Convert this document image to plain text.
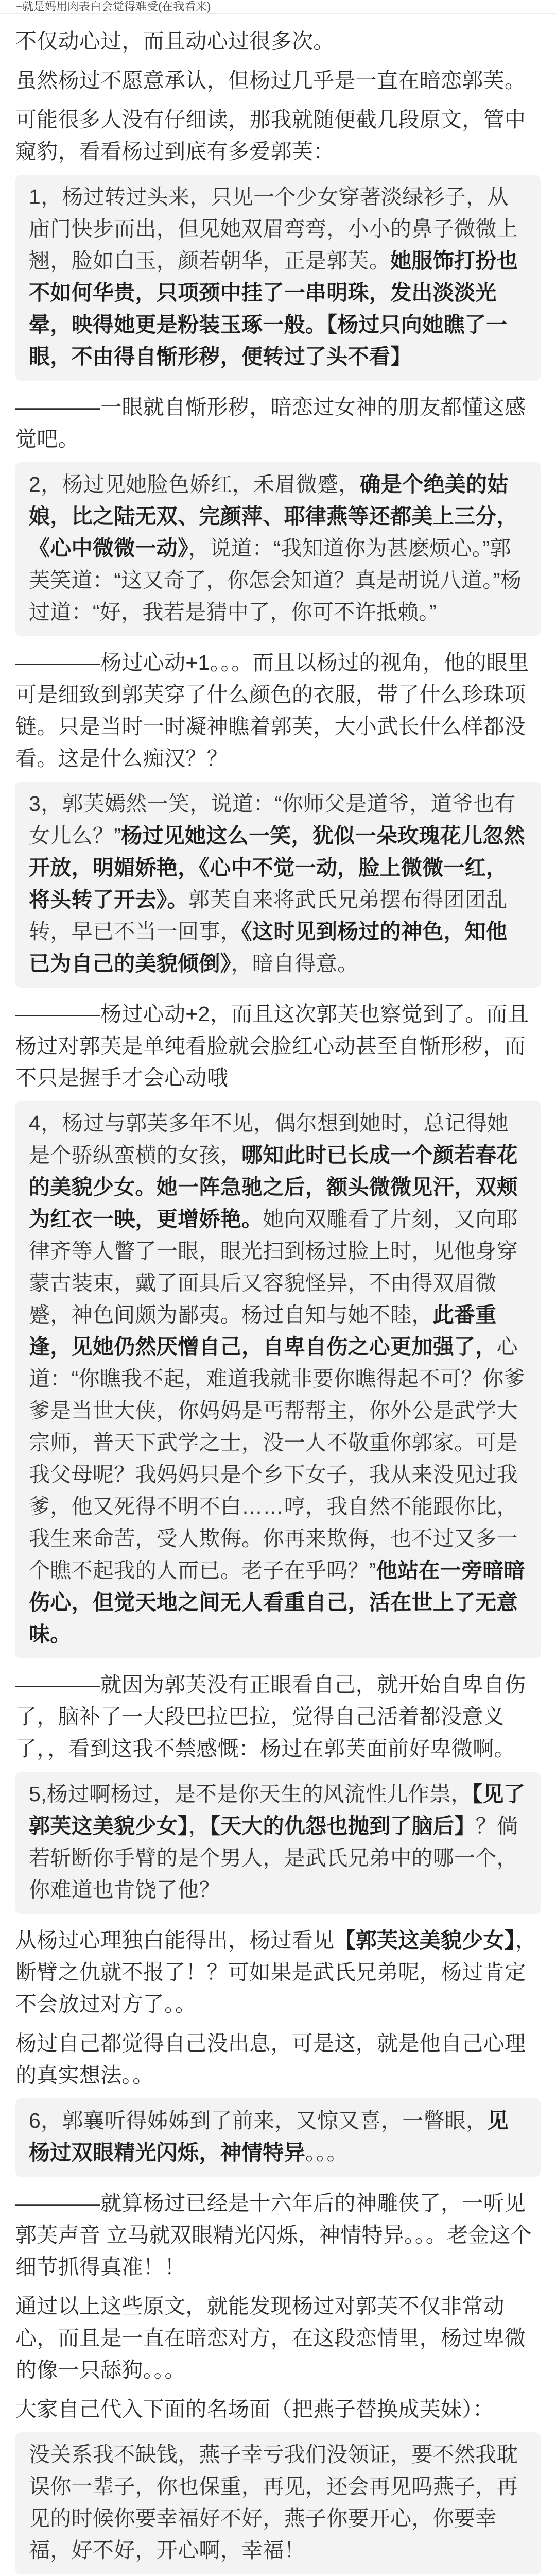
~就是妈用肉表白会觉得难受(在我看来)

不仅动心过，而且动心过很多次。

虽然杨过不愿意承认，但杨过几乎是一直在暗恋郭芙。

可能很多人没有仔细读，那我就随便截几段原文，管中窥豹，看看杨过到底有多爱郭芙：

1，杨过转过头来，只见一个少女穿著淡绿衫子，从庙门快步而出，但见她双眉弯弯，小小的鼻子微微上翘，脸如白玉，颜若朝华，正是郭芙。她服饰打扮也不如何华贵，只项颈中挂了一串明珠，发出淡淡光晕，映得她更是粉装玉琢一般。【杨过只向她瞧了一眼，不由得自惭形秽，便转过了头不看】

————一眼就自惭形秽，暗恋过女神的朋友都懂这感觉吧。

2，杨过见她脸色娇红，禾眉微蹙，确是个绝美的姑娘，比之陆无双、完颜萍、耶律燕等还都美上三分，《心中微微一动》，说道：“我知道你为甚麽烦心。”郭芙笑道：“这又奇了，你怎会知道？真是胡说八道。”杨过道：“好，我若是猜中了，你可不许抵赖。”

————杨过心动+1。。。而且以杨过的视角，他的眼里可是细致到郭芙穿了什么颜色的衣服，带了什么珍珠项链。只是当时一时凝神瞧着郭芙，大小武长什么样都没看。这是什么痴汉？？

3，郭芙嫣然一笑，说道：“你师父是道爷，道爷也有女儿么？”杨过见她这么一笑，犹似一朵玫瑰花儿忽然开放，明媚娇艳，《心中不觉一动，脸上微微一红，将头转了开去》。郭芙自来将武氏兄弟摆布得团团乱转，早已不当一回事，《这时见到杨过的神色，知他已为自己的美貌倾倒》，暗自得意。

————杨过心动+2，而且这次郭芙也察觉到了。而且杨过对郭芙是单纯看脸就会脸红心动甚至自惭形秽，而不只是握手才会心动哦

4，杨过与郭芙多年不见，偶尔想到她时，总记得她是个骄纵蛮横的女孩，哪知此时已长成一个颜若春花的美貌少女。她一阵急驰之后，额头微微见汗，双颊为红衣一映，更增娇艳。她向双雕看了片刻，又向耶律齐等人瞥了一眼，眼光扫到杨过脸上时，见他身穿蒙古装束，戴了面具后又容貌怪异，不由得双眉微蹙，神色间颇为鄙夷。杨过自知与她不睦，此番重逢，见她仍然厌憎自己，自卑自伤之心更加强了，心道：“你瞧我不起，难道我就非要你瞧得起不可？你爹爹是当世大侠，你妈妈是丐帮帮主，你外公是武学大宗师，普天下武学之士，没一人不敬重你郭家。可是我父母呢？我妈妈只是个乡下女子，我从来没见过我爹，他又死得不明不白……哼，我自然不能跟你比，我生来命苦，受人欺侮。你再来欺侮，也不过又多一个瞧不起我的人而已。老子在乎吗？”他站在一旁暗暗伤心，但觉天地之间无人看重自己，活在世上了无意味。

————就因为郭芙没有正眼看自己，就开始自卑自伤了，脑补了一大段巴拉巴拉，觉得自己活着都没意义了，，看到这我不禁感慨：杨过在郭芙面前好卑微啊。

5,杨过啊杨过，是不是你天生的风流性儿作祟，【见了郭芙这美貌少女】，【天大的仇怨也抛到了脑后】？倘若斩断你手臂的是个男人，是武氏兄弟中的哪一个，你难道也肯饶了他？

从杨过心理独白能得出，杨过看见【郭芙这美貌少女】，断臂之仇就不报了！？可如果是武氏兄弟呢，杨过肯定不会放过对方了。。

杨过自己都觉得自己没出息，可是这，就是他自己心理的真实想法。。

6，郭襄听得姊姊到了前来，又惊又喜，一瞥眼，见杨过双眼精光闪烁，神情特异。。。

————就算杨过已经是十六年后的神雕侠了，一听见郭芙声音 立马就双眼精光闪烁，神情特异。。。老金这个细节抓得真准！！

通过以上这些原文，就能发现杨过对郭芙不仅非常动心，而且是一直在暗恋对方，在这段恋情里，杨过卑微的像一只舔狗。。。

大家自己代入下面的名场面（把燕子替换成芙妹）：

没关系我不缺钱，燕子幸亏我们没领证，要不然我耽误你一辈子，你也保重，再见，还会再见吗燕子，再见的时候你要幸福好不好，燕子你要开心，你要幸福，好不好，开心啊，幸福！
